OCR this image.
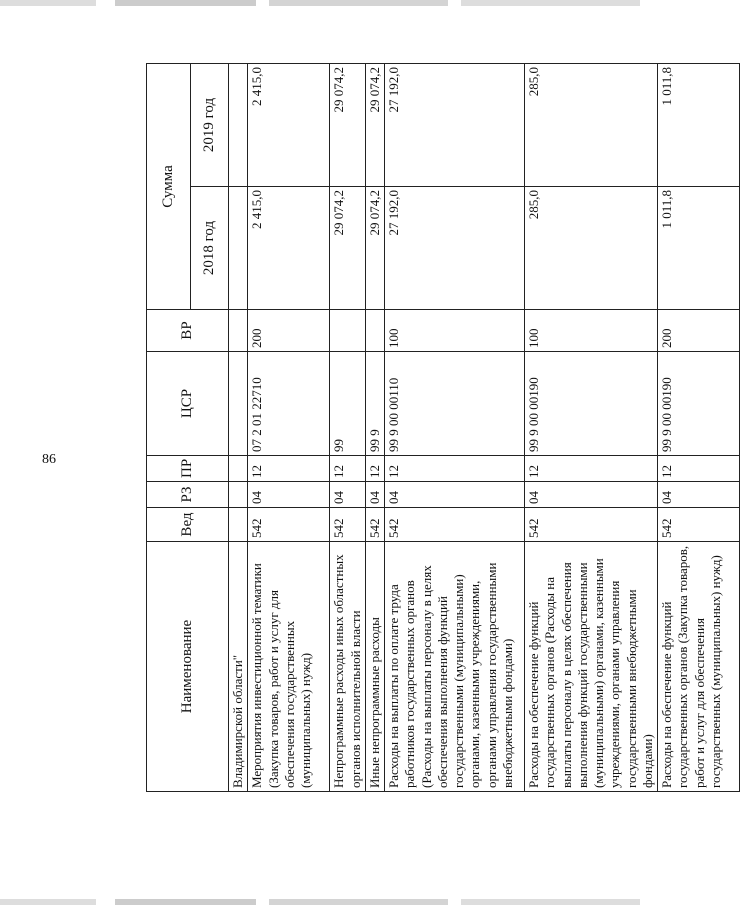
86
Наименование	Вед	РЗ	ПР	ЦСР	ВР	Сумма	
						2018 год	2019 год
Владимирской области"							
Мероприятия инвестиционной тематики (Закупка товаров, работ и услуг для обеспечения государственных (муниципальных) нужд)	542	04	12	07 2 01 22710	200	2 415,0	2 415,0
Непрограммные расходы иных областных органов исполнительной власти	542	04	12	99		29 074,2	29 074,2
Иные непрограммные расходы	542	04	12	99 9		29 074,2	29 074,2
Расходы на выплаты по оплате труда работников государственных органов (Расходы на выплаты персоналу в целях обеспечения выполнения функций государственными (муниципальными) органами, казенными учреждениями, органами управления государственными внебюджетными фондами)	542	04	12	99 9 00 00110	100	27 192,0	27 192,0
Расходы на обеспечение функций государственных органов (Расходы на выплаты персоналу в целях обеспечения выполнения функций государственными (муниципальными) органами, казенными учреждениями, органами управления государственными внебюджетными фондами)	542	04	12	99 9 00 00190	100	285,0	285,0
Расходы на обеспечение функций государственных органов (Закупка товаров, работ и услуг для обеспечения государственных (муниципальных) нужд)	542	04	12	99 9 00 00190	200	1 011,8	1 011,8
